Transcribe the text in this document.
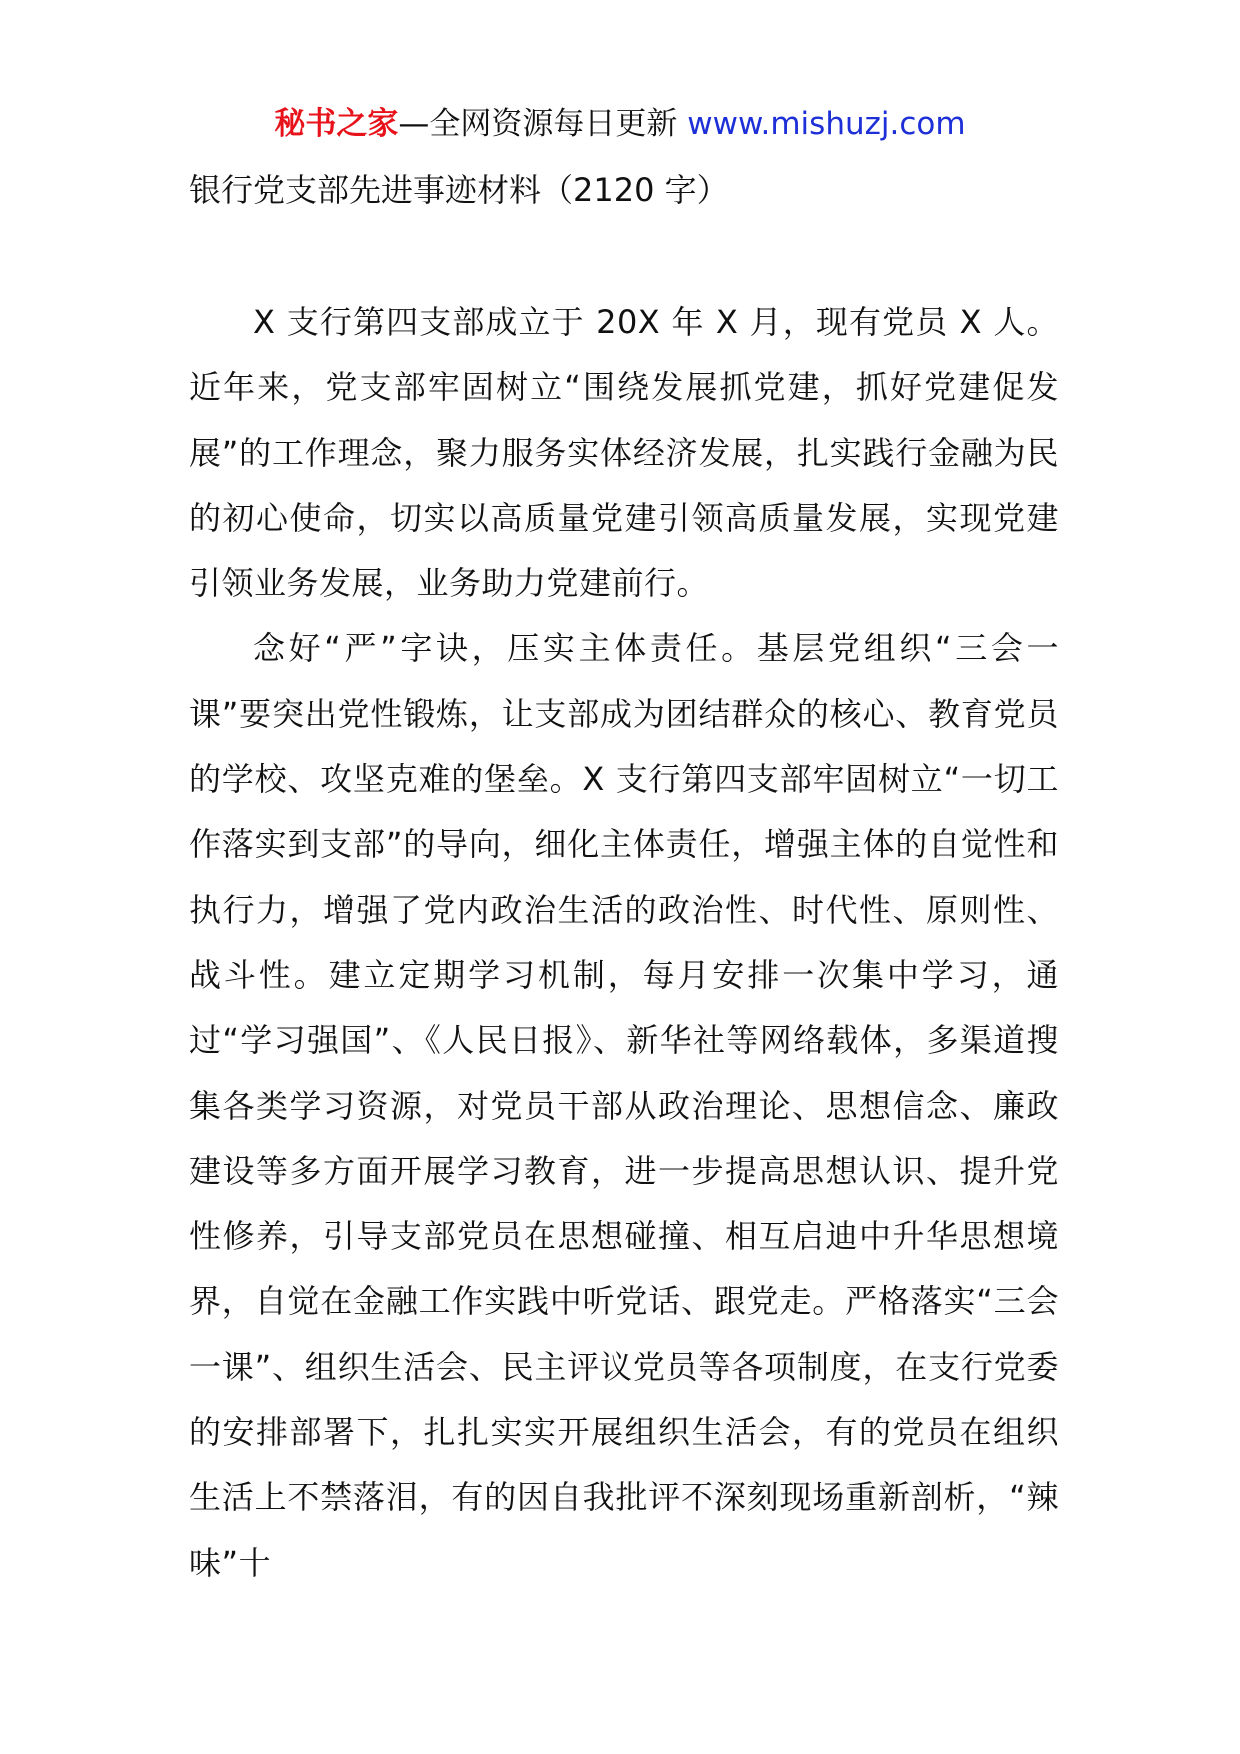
秘书之家—全网资源每日更新 www.mishuzj.com
银行党支部先进事迹材料（2120 字）

X 支行第四支部成立于 20X 年 X 月，现有党员 X 人。近年来，党支部牢固树立“围绕发展抓党建，抓好党建促发展”的工作理念，聚力服务实体经济发展，扎实践行金融为民的初心使命，切实以高质量党建引领高质量发展，实现党建引领业务发展，业务助力党建前行。

念好“严”字诀，压实主体责任。基层党组织“三会一课”要突出党性锻炼，让支部成为团结群众的核心、教育党员的学校、攻坚克难的堡垒。X 支行第四支部牢固树立“一切工作落实到支部”的导向，细化主体责任，增强主体的自觉性和执行力，增强了党内政治生活的政治性、时代性、原则性、战斗性。建立定期学习机制，每月安排一次集中学习，通过“学习强国”、《人民日报》、新华社等网络载体，多渠道搜集各类学习资源，对党员干部从政治理论、思想信念、廉政建设等多方面开展学习教育，进一步提高思想认识、提升党性修养，引导支部党员在思想碰撞、相互启迪中升华思想境界，自觉在金融工作实践中听党话、跟党走。严格落实“三会一课”、组织生活会、民主评议党员等各项制度，在支行党委的安排部署下，扎扎实实开展组织生活会，有的党员在组织生活上不禁落泪，有的因自我批评不深刻现场重新剖析，“辣味”十
